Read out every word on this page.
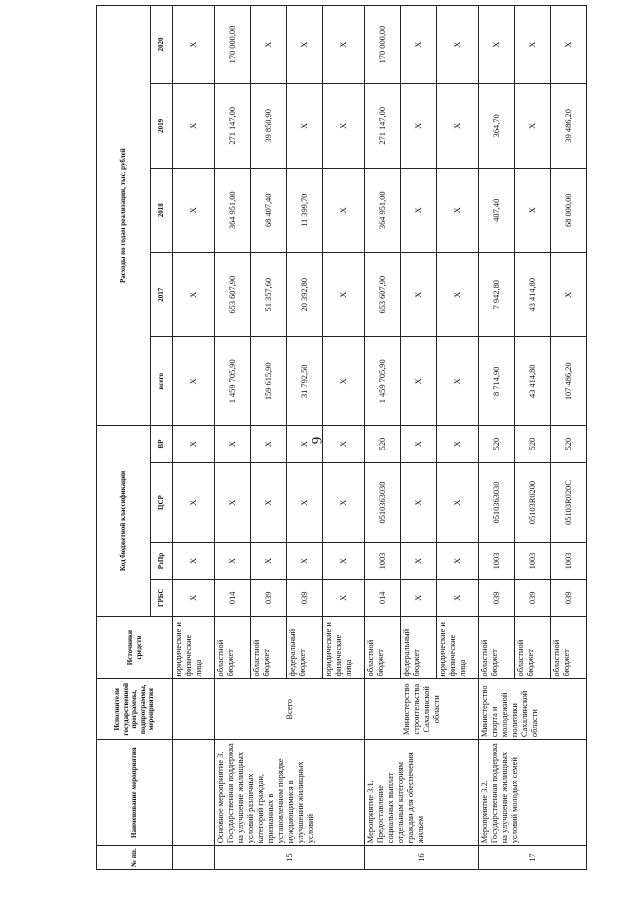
9
№ пп.	Наименование мероприятия	Исполнители государственной программы, подпрограммы, мероприятия	Источники средств	Код бюджетной классификации				Расходы по годам реализации, тыс. рублей				
				ГРБС	РзПр	ЦСР	ВР	всего	2017	2018	2019	2020
			юридические и физические лица	Х	Х	Х	Х	Х	Х	Х	Х	Х
15	Основное мероприятие 3. Государственная поддержка на улучшение жилищных условий различных категорий граждан, признанных в установленном порядке нуждающимися в улучшении жилищных условий	Всего	областной бюджет	014	Х	Х	Х	1 459 705,90	653 607,90	364 951,00	271 147,00	170 000,00
			областной бюджет	039	Х	Х	Х	159 615,90	51 357,60	68 407,40	39 850,90	Х
			федеральный бюджет	039	Х	Х	Х	31 792,50	20 392,80	11 399,70	Х	Х
			юридические и физические лица	Х	Х	Х	Х	Х	Х	Х	Х	Х
16	Мероприятие 3.1. Предоставление социальных выплат отдельным категориям граждан для обеспечения жильем	Министерство строительства Сахалинской области	областной бюджет	014	1003	0510363030	520	1 459 705,90	653 607,90	364 951,00	271 147,00	170 000,00
			федеральный бюджет	Х	Х	Х	Х	Х	Х	Х	Х	Х
			юридические и физические лица	Х	Х	Х	Х	Х	Х	Х	Х	Х
17	Мероприятие 3.2. Государственная поддержка на улучшение жилищных условий молодых семей	Министерство спорта и молодежной политики Сахалинской области	областной бюджет	039	1003	0510363030	520	8 714,90	7 942,80	407,40	364,70	Х
			областной бюджет	039	1003	05103R0200	520	43 414,80	43 414,80	Х	Х	Х
			областной бюджет	039	1003	05103R020С	520	107 486,20	Х	68 000,00	39 486,20	Х
